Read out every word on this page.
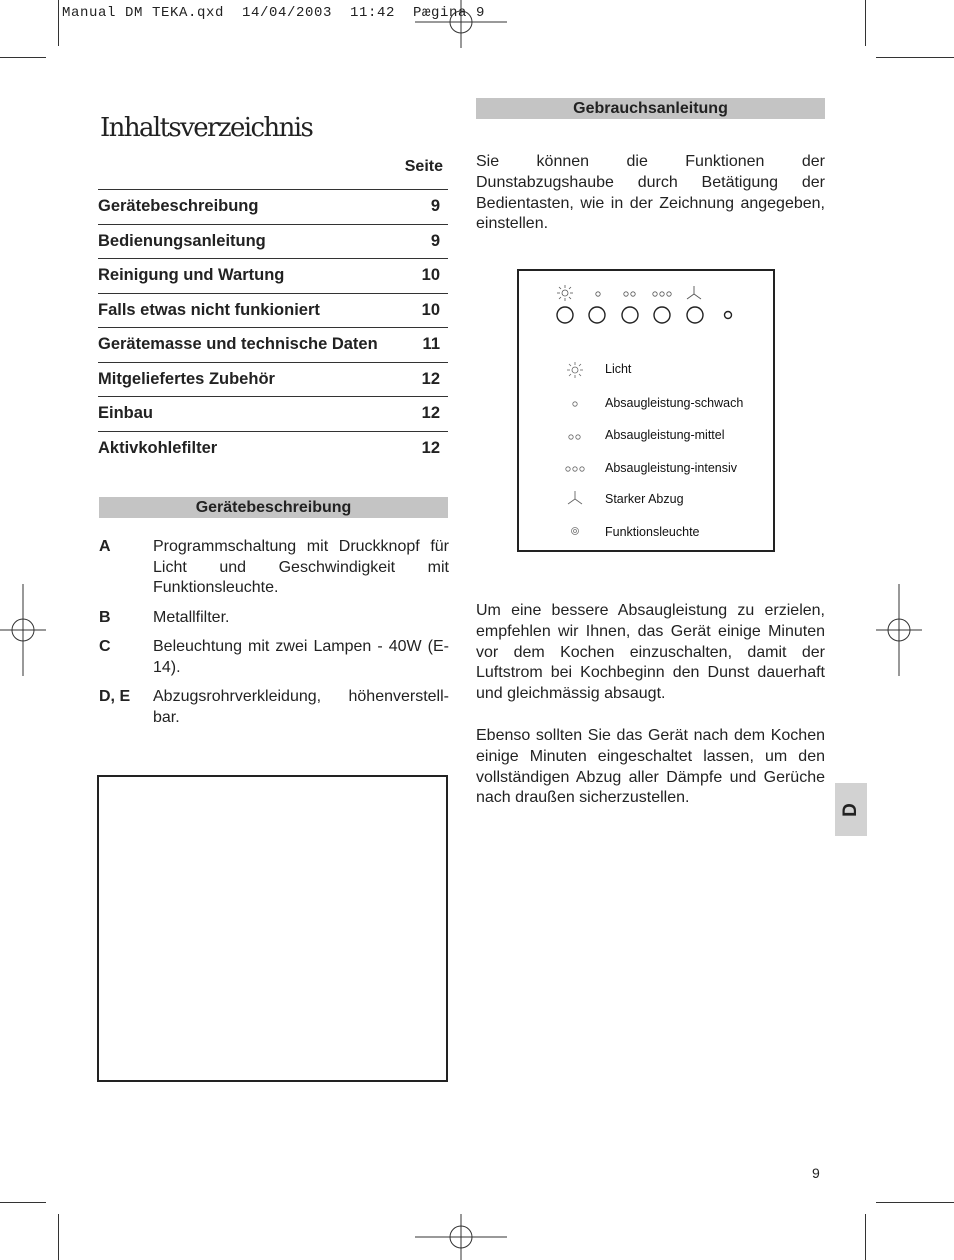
Manual DM TEKA.qxd  14/04/2003  11:42  Pægina 9
Inhaltsverzeichnis
Seite
Gerätebeschreibung	9
Bedienungsanleitung	9
Reinigung und Wartung	10
Falls etwas nicht funkioniert	10
Gerätemasse und technische Daten	11
Mitgeliefertes Zubehör	12
Einbau	12
Aktivkohlefilter	12
Gerätebeschreibung
A	Programmschaltung mit Druckknopf für Licht und Geschwindigkeit mit Funktionsleuchte.
B	Metallfilter.
C	Beleuchtung mit zwei Lampen - 40W (E-14).
D, E	Abzugsrohrverkleidung, höhenverstell-bar.
Gebrauchsanleitung
Sie können die Funktionen der Dunstabzugshaube durch Betätigung der Bedientasten, wie in der Zeichnung angegeben, einstellen.
Licht
Absaugleistung-schwach
Absaugleistung-mittel
Absaugleistung-intensiv
Starker Abzug
Funktionsleuchte
Um eine bessere Absaugleistung zu erzielen, empfehlen wir Ihnen, das Gerät einige Minuten vor dem Kochen einzuschalten, damit der Luftstrom bei Kochbeginn den Dunst dauerhaft und gleichmässig absaugt.
Ebenso sollten Sie das Gerät nach dem Kochen einige Minuten eingeschaltet lassen, um den vollständigen Abzug aller Dämpfe und Gerüche nach draußen sicherzustellen.
D
9
